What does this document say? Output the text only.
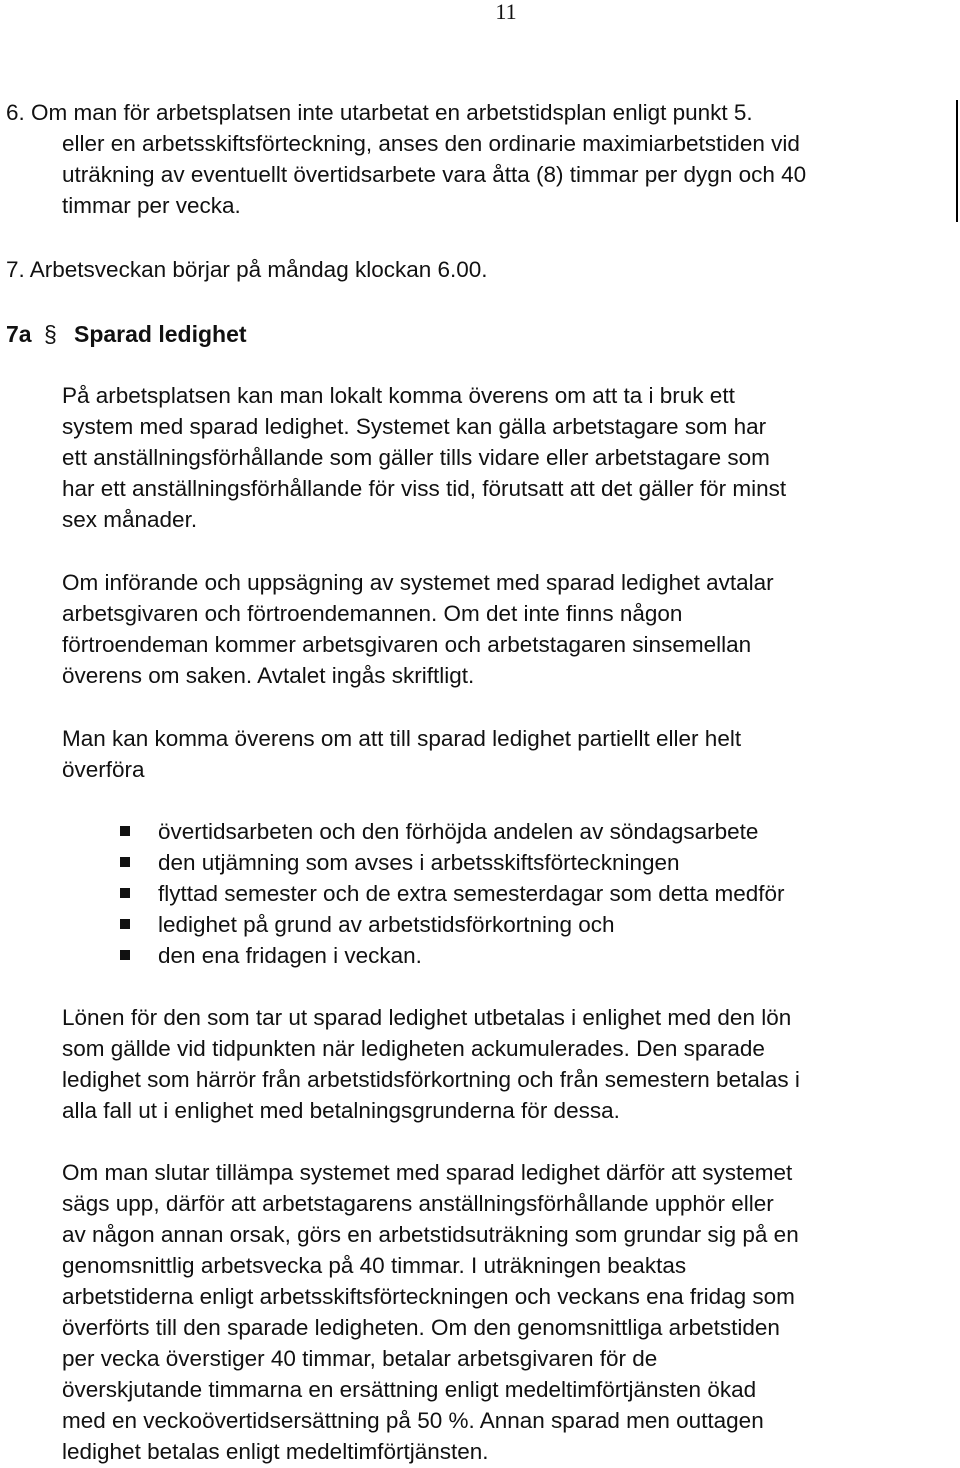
11
6. Om man för arbetsplatsen inte utarbetat en arbetstidsplan enligt punkt 5.
eller en arbetsskiftsförteckning, anses den ordinarie maximiarbetstiden vid
uträkning av eventuellt övertidsarbete vara åtta (8) timmar per dygn och 40
timmar per vecka.
7. Arbetsveckan börjar på måndag klockan 6.00.
7a § Sparad ledighet
På arbetsplatsen kan man lokalt komma överens om att ta i bruk ett
system med sparad ledighet. Systemet kan gälla arbetstagare som har
ett anställningsförhållande som gäller tills vidare eller arbetstagare som
har ett anställningsförhållande för viss tid, förutsatt att det gäller för minst
sex månader.
Om införande och uppsägning av systemet med sparad ledighet avtalar
arbetsgivaren och förtroendemannen. Om det inte finns någon
förtroendeman kommer arbetsgivaren och arbetstagaren sinsemellan
överens om saken. Avtalet ingås skriftligt.
Man kan komma överens om att till sparad ledighet partiellt eller helt
överföra
övertidsarbeten och den förhöjda andelen av söndagsarbete
den utjämning som avses i arbetsskiftsförteckningen
flyttad semester och de extra semesterdagar som detta medför
ledighet på grund av arbetstidsförkortning och
den ena fridagen i veckan.
Lönen för den som tar ut sparad ledighet utbetalas i enlighet med den lön
som gällde vid tidpunkten när ledigheten ackumulerades. Den sparade
ledighet som härrör från arbetstidsförkortning och från semestern betalas i
alla fall ut i enlighet med betalningsgrunderna för dessa.
Om man slutar tillämpa systemet med sparad ledighet därför att systemet
sägs upp, därför att arbetstagarens anställningsförhållande upphör eller
av någon annan orsak, görs en arbetstidsuträkning som grundar sig på en
genomsnittlig arbetsvecka på 40 timmar. I uträkningen beaktas
arbetstiderna enligt arbetsskiftsförteckningen och veckans ena fridag som
överförts till den sparade ledigheten. Om den genomsnittliga arbetstiden
per vecka överstiger 40 timmar, betalar arbetsgivaren för de
överskjutande timmarna en ersättning enligt medeltimförtjänsten ökad
med en veckoövertidsersättning på 50 %. Annan sparad men outtagen
ledighet betalas enligt medeltimförtjänsten.
